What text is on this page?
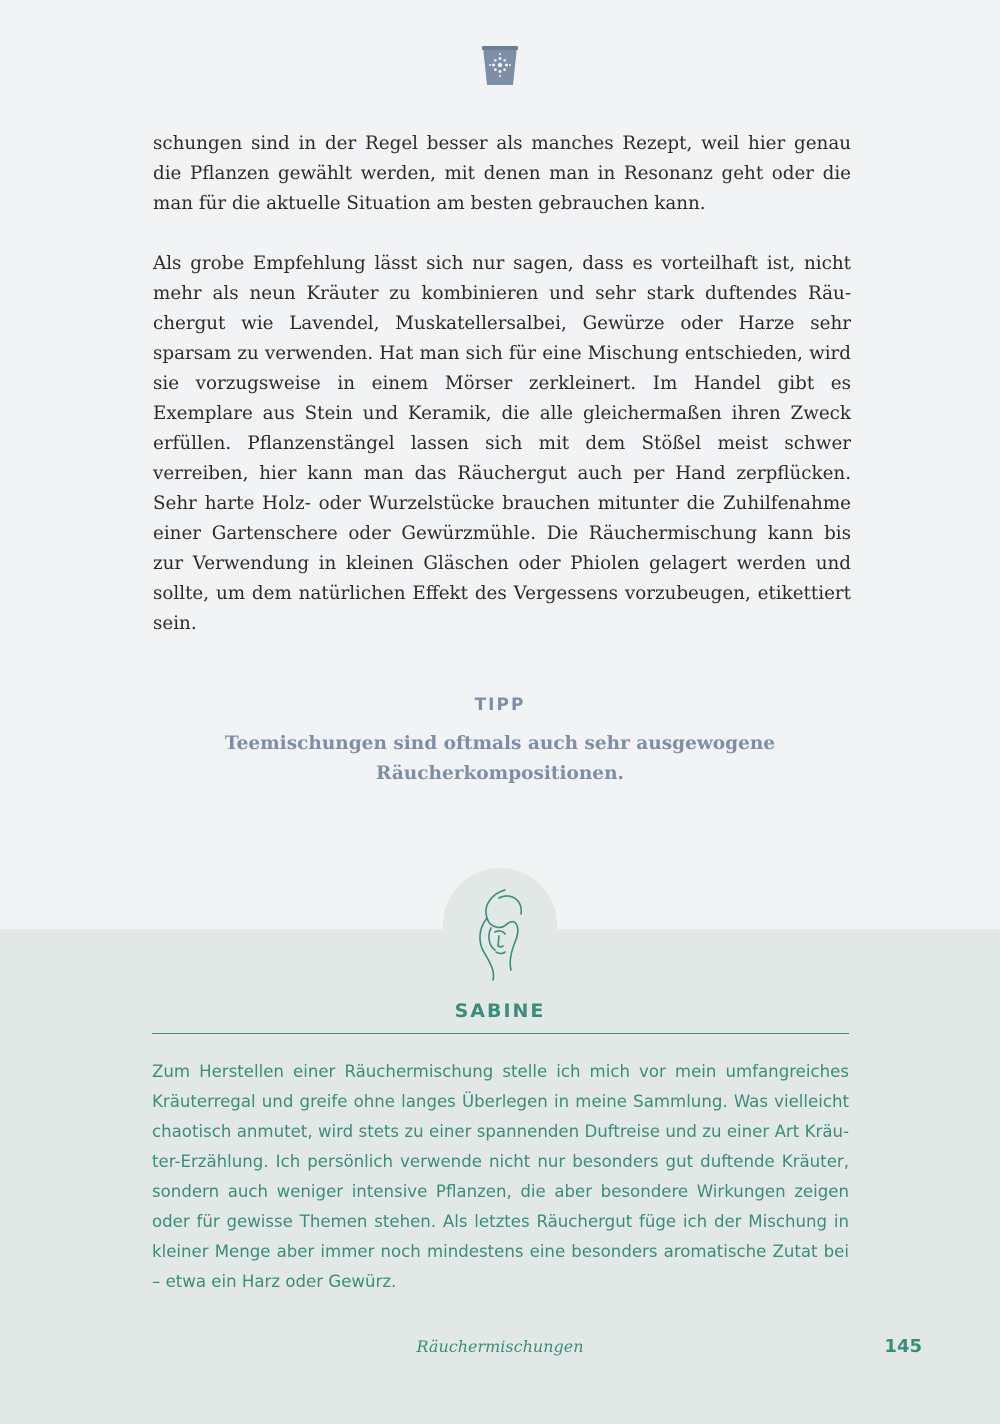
schungen sind in der Regel besser als manches Rezept, weil hier genau die Pflanzen gewählt werden, mit denen man in Resonanz geht oder die man für die aktuelle Situation am besten gebrauchen kann.

Als grobe Empfehlung lässt sich nur sagen, dass es vorteilhaft ist, nicht mehr als neun Kräuter zu kombinieren und sehr stark duftendes Räuchergut wie Lavendel, Muskatellersalbei, Gewürze oder Harze sehr sparsam zu verwenden. Hat man sich für eine Mischung entschieden, wird sie vorzugsweise in einem Mörser zerkleinert. Im Handel gibt es Exemplare aus Stein und Keramik, die alle gleichermaßen ihren Zweck erfüllen. Pflanzenstängel lassen sich mit dem Stößel meist schwer verreiben, hier kann man das Räuchergut auch per Hand zerpflücken. Sehr harte Holz- oder Wurzelstücke brauchen mitunter die Zuhilfenahme einer Gartenschere oder Gewürzmühle. Die Räuchermischung kann bis zur Verwendung in kleinen Gläschen oder Phiolen gelagert werden und sollte, um dem natürlichen Effekt des Vergessens vorzubeugen, etikettiert sein.

TIPP
Teemischungen sind oftmals auch sehr ausgewogene Räucherkompositionen.
SABINE

Zum Herstellen einer Räuchermischung stelle ich mich vor mein umfangreiches Kräuterregal und greife ohne langes Überlegen in meine Sammlung. Was vielleicht chaotisch anmutet, wird stets zu einer spannenden Duftreise und zu einer Art Kräuter-Erzählung. Ich persönlich verwende nicht nur besonders gut duftende Kräuter, sondern auch weniger intensive Pflanzen, die aber besondere Wirkungen zeigen oder für gewisse Themen stehen. Als letztes Räuchergut füge ich der Mischung in kleiner Menge aber immer noch mindestens eine besonders aromatische Zutat bei – etwa ein Harz oder Gewürz.

Räuchermischungen	145
